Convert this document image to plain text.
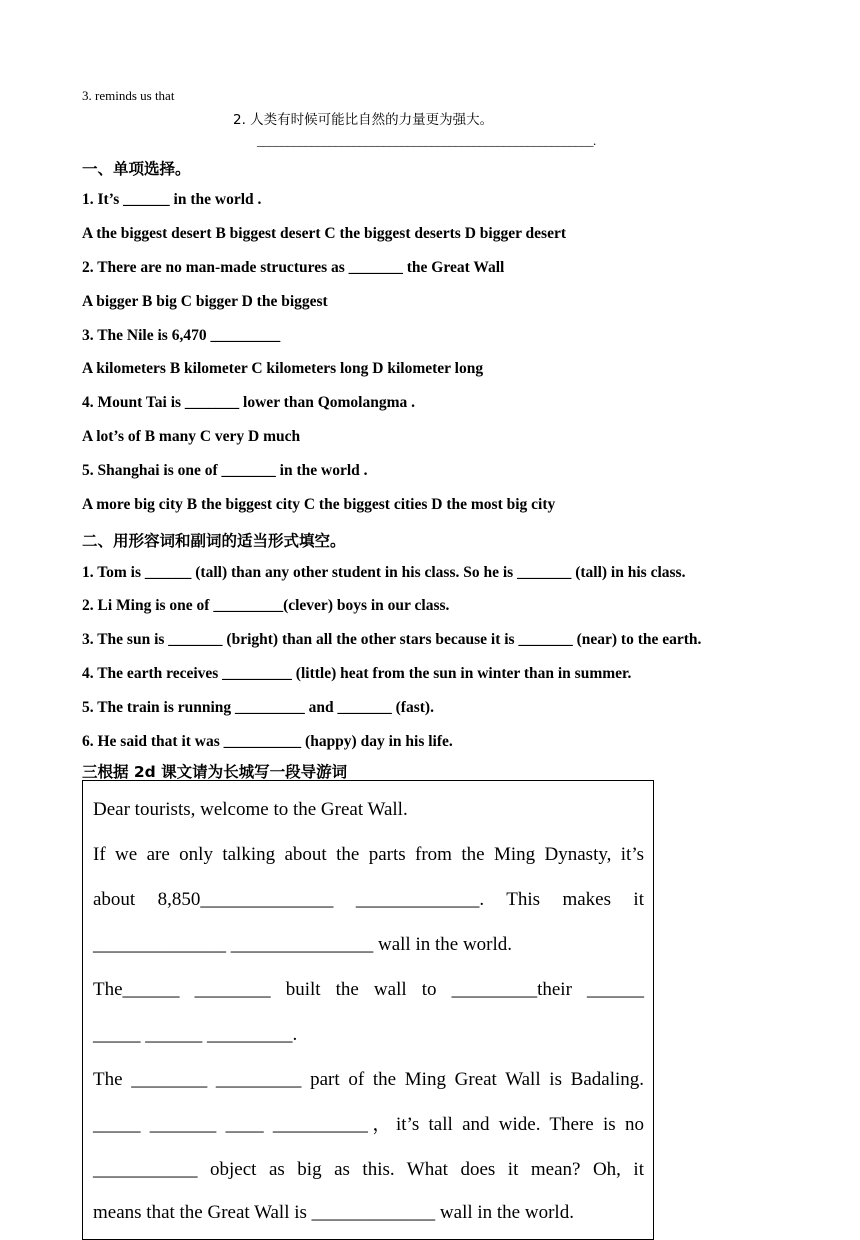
3. reminds us that
2. 人类有时候可能比自然的力量更为强大。
________________________________________________________.
一、单项选择。
1. It’s ______ in the world .
A the biggest desert B biggest desert C the biggest deserts D bigger desert
2. There are no man-made structures as _______ the Great Wall
A bigger B big C bigger D the biggest
3. The Nile is 6,470 _________
A kilometers B kilometer C kilometers long D kilometer long
4. Mount Tai is _______ lower than Qomolangma .
A lot’s of B many C very D much
5. Shanghai is one of _______ in the world .
A more big city B the biggest city C the biggest cities D the most big city
二、用形容词和副词的适当形式填空。
1. Tom is ______ (tall) than any other student in his class. So he is _______ (tall) in his class.
2. Li Ming is one of _________(clever) boys in our class.
3. The sun is _______ (bright) than all the other stars because it is _______ (near) to the earth.
4. The earth receives _________ (little) heat from the sun in winter than in summer.
5. The train is running _________ and _______ (fast).
6. He said that it was __________ (happy) day in his life.
三根据 2d 课文请为长城写一段导游词
Dear tourists, welcome to the Great Wall.
If we are only talking about the parts from the Ming Dynasty, it’s
about 8,850______________ _____________. This makes it
______________ _______________ wall in the world.
The______ ________ built the wall to _________their ______
_____ ______ _________.
The ________ _________ part of the Ming Great Wall is Badaling.
_____ _______ ____ __________，it’s tall and wide. There is no
___________ object as big as this. What does it mean? Oh, it
means that the Great Wall is _____________ wall in the world.
